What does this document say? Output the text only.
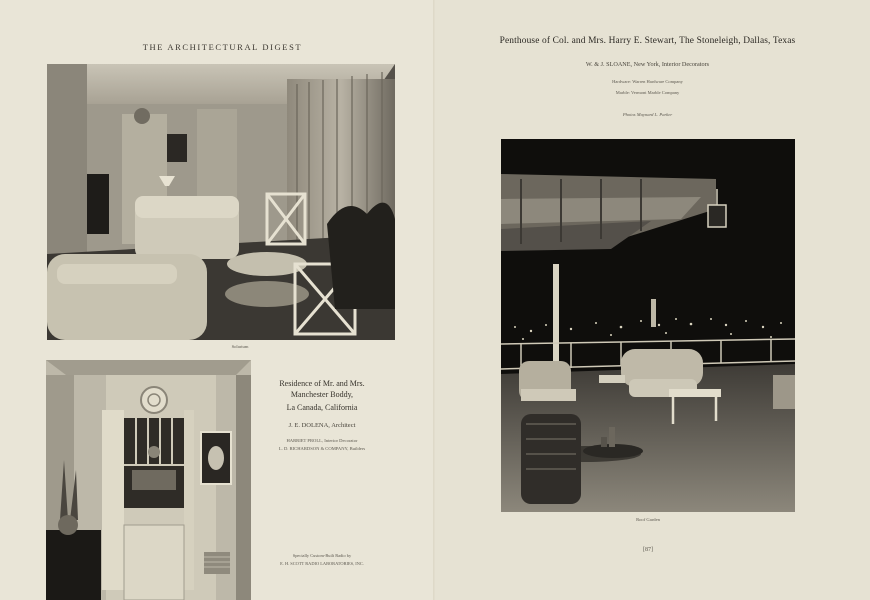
THE ARCHITECTURAL DIGEST
Solarium
Residence of Mr. and Mrs.
Manchester Boddy,
La Canada, California
J. E. DOLENA, Architect
HARRIET PROLL, Interior Decorator
L. D. RICHARDSON & COMPANY, Builders
Specially Custom-Built Radio by
E. H. SCOTT RADIO LABORATORIES, INC.
Penthouse of Col. and Mrs. Harry E. Stewart, The Stoneleigh, Dallas, Texas
W. & J. SLOANE, New York, Interior Decorators
Hardware: Warren Hardware Company
Marble: Vermont Marble Company
Photos Maynard L. Parker
Roof Garden
[87]
